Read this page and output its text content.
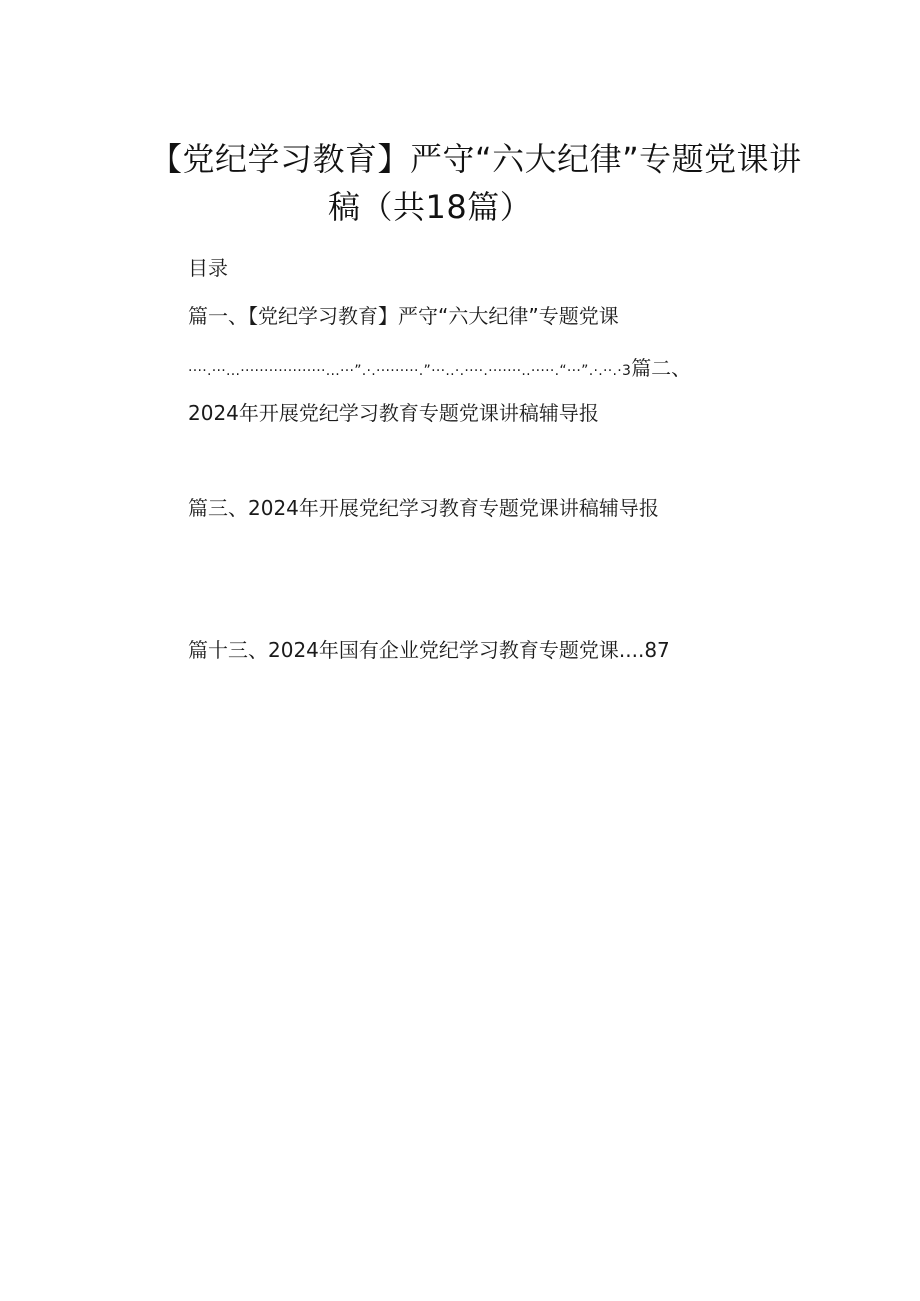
【党纪学习教育】严守“六大纪律”专题党课讲
稿（共18篇）
目录
篇一、【党纪学习教育】严守“六大纪律”专题党课
····.···...··················...···”.·.·········.”···..·.····.·······..·····.“···”.·.··.·3篇二、
2024年开展党纪学习教育专题党课讲稿辅导报
篇三、2024年开展党纪学习教育专题党课讲稿辅导报
篇十三、2024年国有企业党纪学习教育专题党课....87
